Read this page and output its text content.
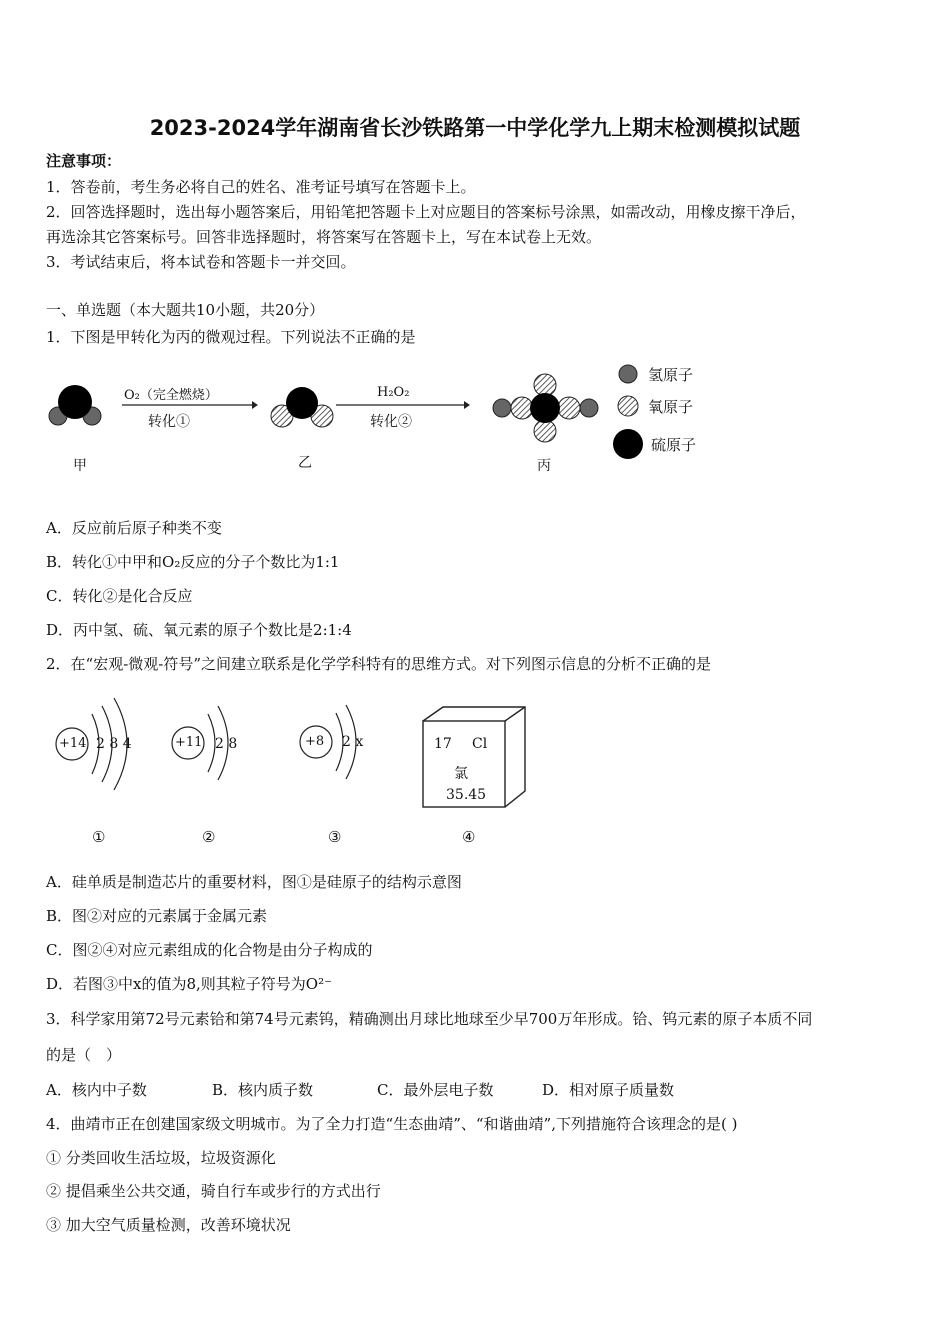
2023-2024学年湖南省长沙铁路第一中学化学九上期末检测模拟试题
注意事项：
1．答卷前，考生务必将自己的姓名、准考证号填写在答题卡上。
2．回答选择题时，选出每小题答案后，用铅笔把答题卡上对应题目的答案标号涂黑，如需改动，用橡皮擦干净后，
再选涂其它答案标号。回答非选择题时，将答案写在答题卡上，写在本试卷上无效。
3．考试结束后，将本试卷和答题卡一并交回。
一、单选题（本大题共10小题，共20分）
1．下图是甲转化为丙的微观过程。下列说法不正确的是
O₂（完全燃烧）
转化①
H₂O₂
转化②
甲	乙	丙
氢原子
氧原子
硫原子
A．反应前后原子种类不变
B．转化①中甲和O₂反应的分子个数比为1:1
C．转化②是化合反应
D．丙中氢、硫、氧元素的原子个数比是2:1:4
2．在“宏观-微观-符号”之间建立联系是化学学科特有的思维方式。对下列图示信息的分析不正确的是
+14 2 8 4	+11 2 8	+8 2 x	17 Cl
氯
35.45
①	②	③	④
A．硅单质是制造芯片的重要材料，图①是硅原子的结构示意图
B．图②对应的元素属于金属元素
C．图②④对应元素组成的化合物是由分子构成的
D．若图③中x的值为8,则其粒子符号为O²⁻
3．科学家用第72号元素铪和第74号元素钨，精确测出月球比地球至少早700万年形成。铪、钨元素的原子本质不同
的是（　）
A．核内中子数	B．核内质子数	C．最外层电子数	D．相对原子质量数
4．曲靖市正在创建国家级文明城市。为了全力打造“生态曲靖”、“和谐曲靖”,下列措施符合该理念的是( )
① 分类回收生活垃圾，垃圾资源化
② 提倡乘坐公共交通，骑自行车或步行的方式出行
③ 加大空气质量检测，改善环境状况
